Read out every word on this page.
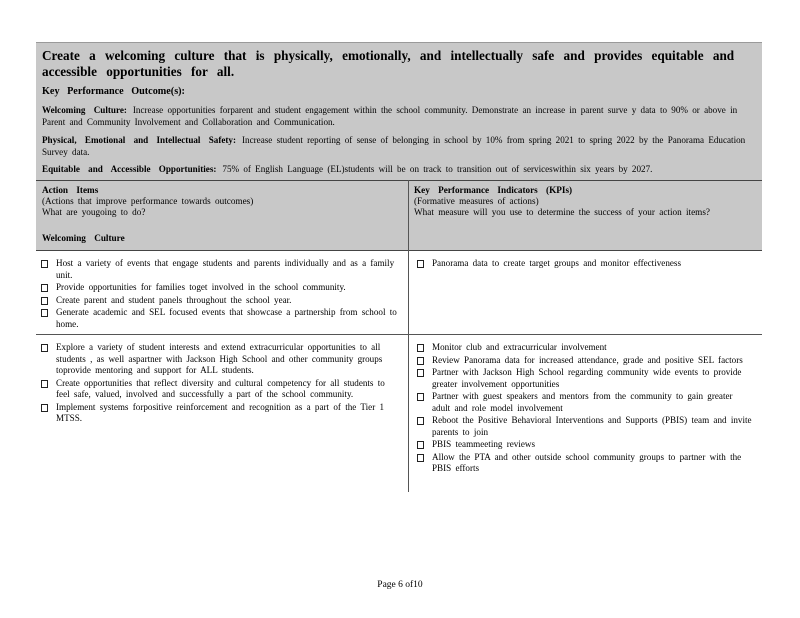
Create a welcoming culture that is physically, emotionally, and intellectually safe and provides equitable and accessible opportunities for all.
Key Performance Outcome(s):
Welcoming Culture: Increase opportunities forparent and student engagement within the school community. Demonstrate an increase in parent surve y data to 90% or above in Parent and Community Involvement and Collaboration and Communication.
Physical, Emotional and Intellectual Safety: Increase student reporting of sense of belonging in school by 10% from spring 2021 to spring 2022 by the Panorama Education Survey data.
Equitable and Accessible Opportunities: 75% of English Language (EL)students will be on track to transition out of serviceswithin six years by 2027.
Action Items
(Actions that improve performance towards outcomes)
What are yougoing to do?
Key Performance Indicators (KPIs)
(Formative measures of actions)
What measure will you use to determine the success of your action items?
Welcoming Culture
Host a variety of events that engage students and parents individually and as a family unit.
Provide opportunities for families toget involved in the school community.
Create parent and student panels throughout the school year.
Generate academic and SEL focused events that showcase a partnership from school to home.
Panorama data to create target groups and monitor effectiveness
Explore a variety of student interests and extend extracurricular opportunities to all students , as well aspartner with Jackson High School and other community groups toprovide mentoring and support for ALL students.
Create opportunities that reflect diversity and cultural competency for all students to feel safe, valued, involved and successfully a part of the school community.
Implement systems forpositive reinforcement and recognition as a part of the Tier 1 MTSS.
Monitor club and extracurricular involvement
Review Panorama data for increased attendance, grade and positive SEL factors
Partner with Jackson High School regarding community wide events to provide greater involvement opportunities
Partner with guest speakers and mentors from the community to gain greater adult and role model involvement
Reboot the Positive Behavioral Interventions and Supports (PBIS) team and invite parents to join
PBIS teammeeting reviews
Allow the PTA and other outside school community groups to partner with the PBIS efforts
Page 6 of10
